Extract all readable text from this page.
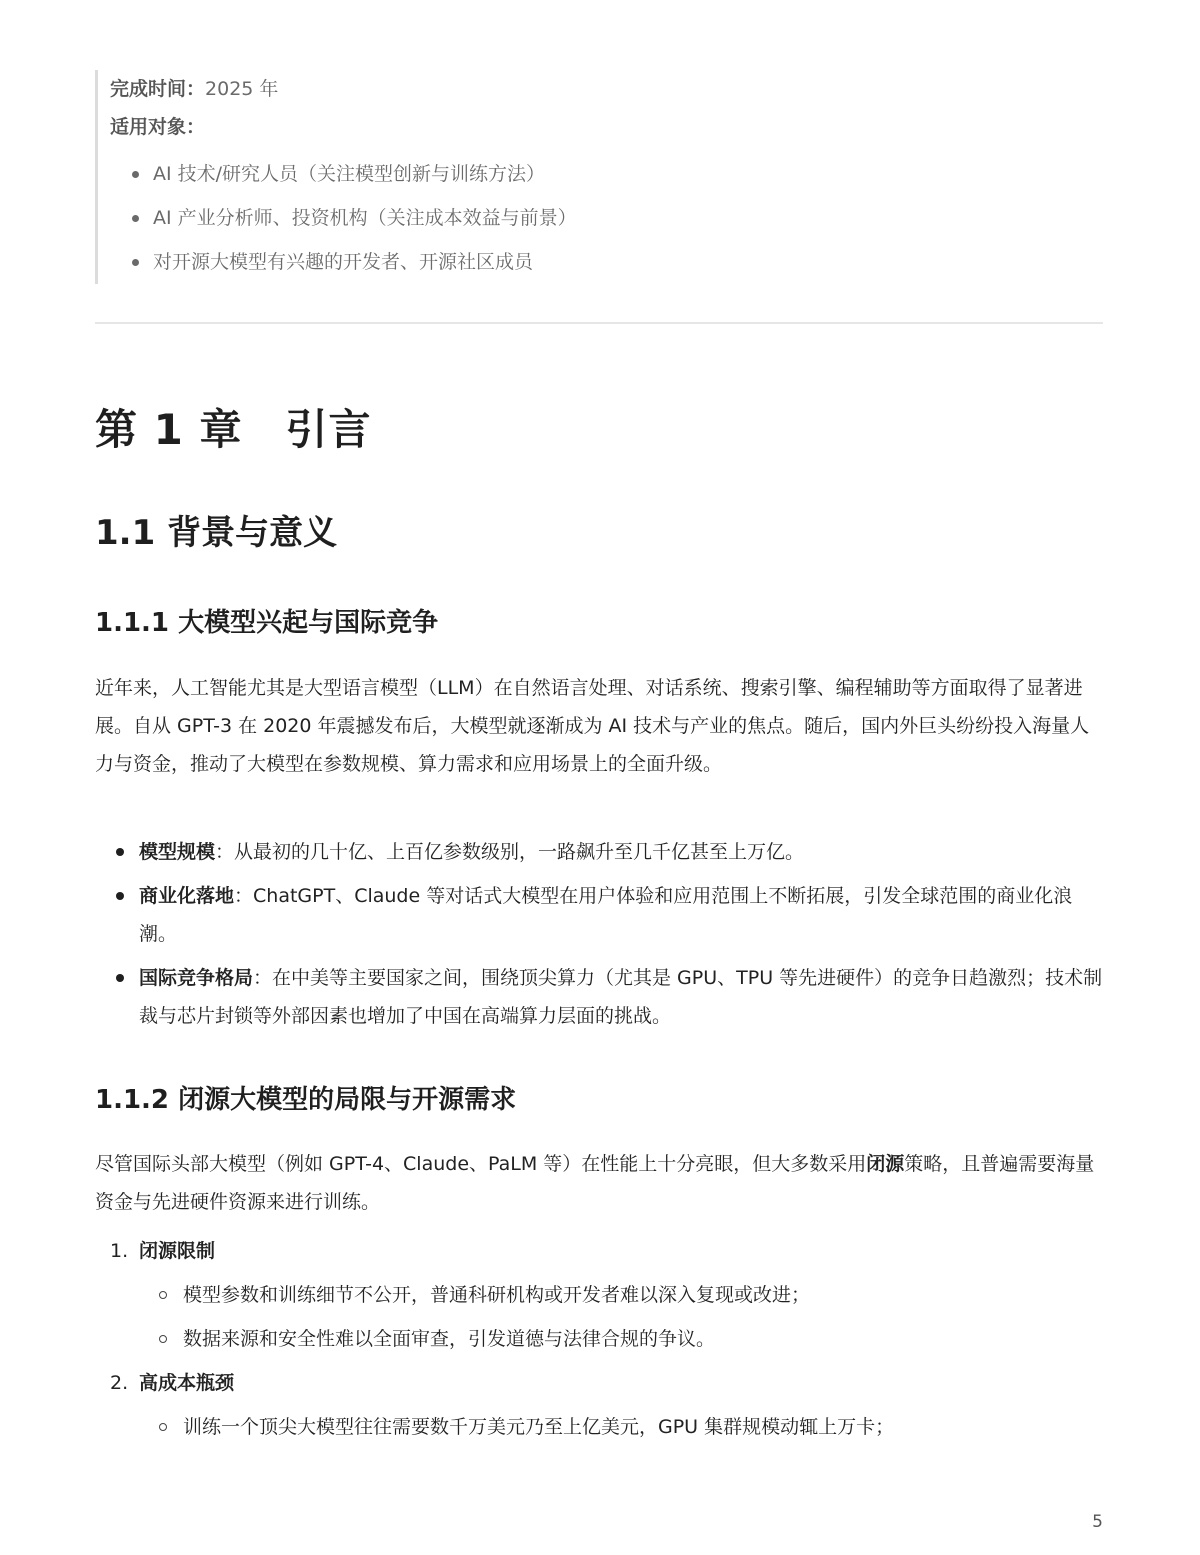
完成时间：2025 年
适用对象：
AI 技术/研究人员（关注模型创新与训练方法）
AI 产业分析师、投资机构（关注成本效益与前景）
对开源大模型有兴趣的开发者、开源社区成员
第 1 章　引言
1.1 背景与意义
1.1.1 大模型兴起与国际竞争

近年来，人工智能尤其是大型语言模型（LLM）在自然语言处理、对话系统、搜索引擎、编程辅助等方面取得了显著进展。自从 GPT-3 在 2020 年震撼发布后，大模型就逐渐成为 AI 技术与产业的焦点。随后，国内外巨头纷纷投入海量人力与资金，推动了大模型在参数规模、算力需求和应用场景上的全面升级。

模型规模：从最初的几十亿、上百亿参数级别，一路飙升至几千亿甚至上万亿。
商业化落地：ChatGPT、Claude 等对话式大模型在用户体验和应用范围上不断拓展，引发全球范围的商业化浪潮。
国际竞争格局：在中美等主要国家之间，围绕顶尖算力（尤其是 GPU、TPU 等先进硬件）的竞争日趋激烈；技术制裁与芯片封锁等外部因素也增加了中国在高端算力层面的挑战。
1.1.2 闭源大模型的局限与开源需求

尽管国际头部大模型（例如 GPT-4、Claude、PaLM 等）在性能上十分亮眼，但大多数采用闭源策略，且普遍需要海量资金与先进硬件资源来进行训练。

1. 闭源限制
模型参数和训练细节不公开，普通科研机构或开发者难以深入复现或改进；
数据来源和安全性难以全面审查，引发道德与法律合规的争议。
2. 高成本瓶颈
训练一个顶尖大模型往往需要数千万美元乃至上亿美元，GPU 集群规模动辄上万卡；
5
